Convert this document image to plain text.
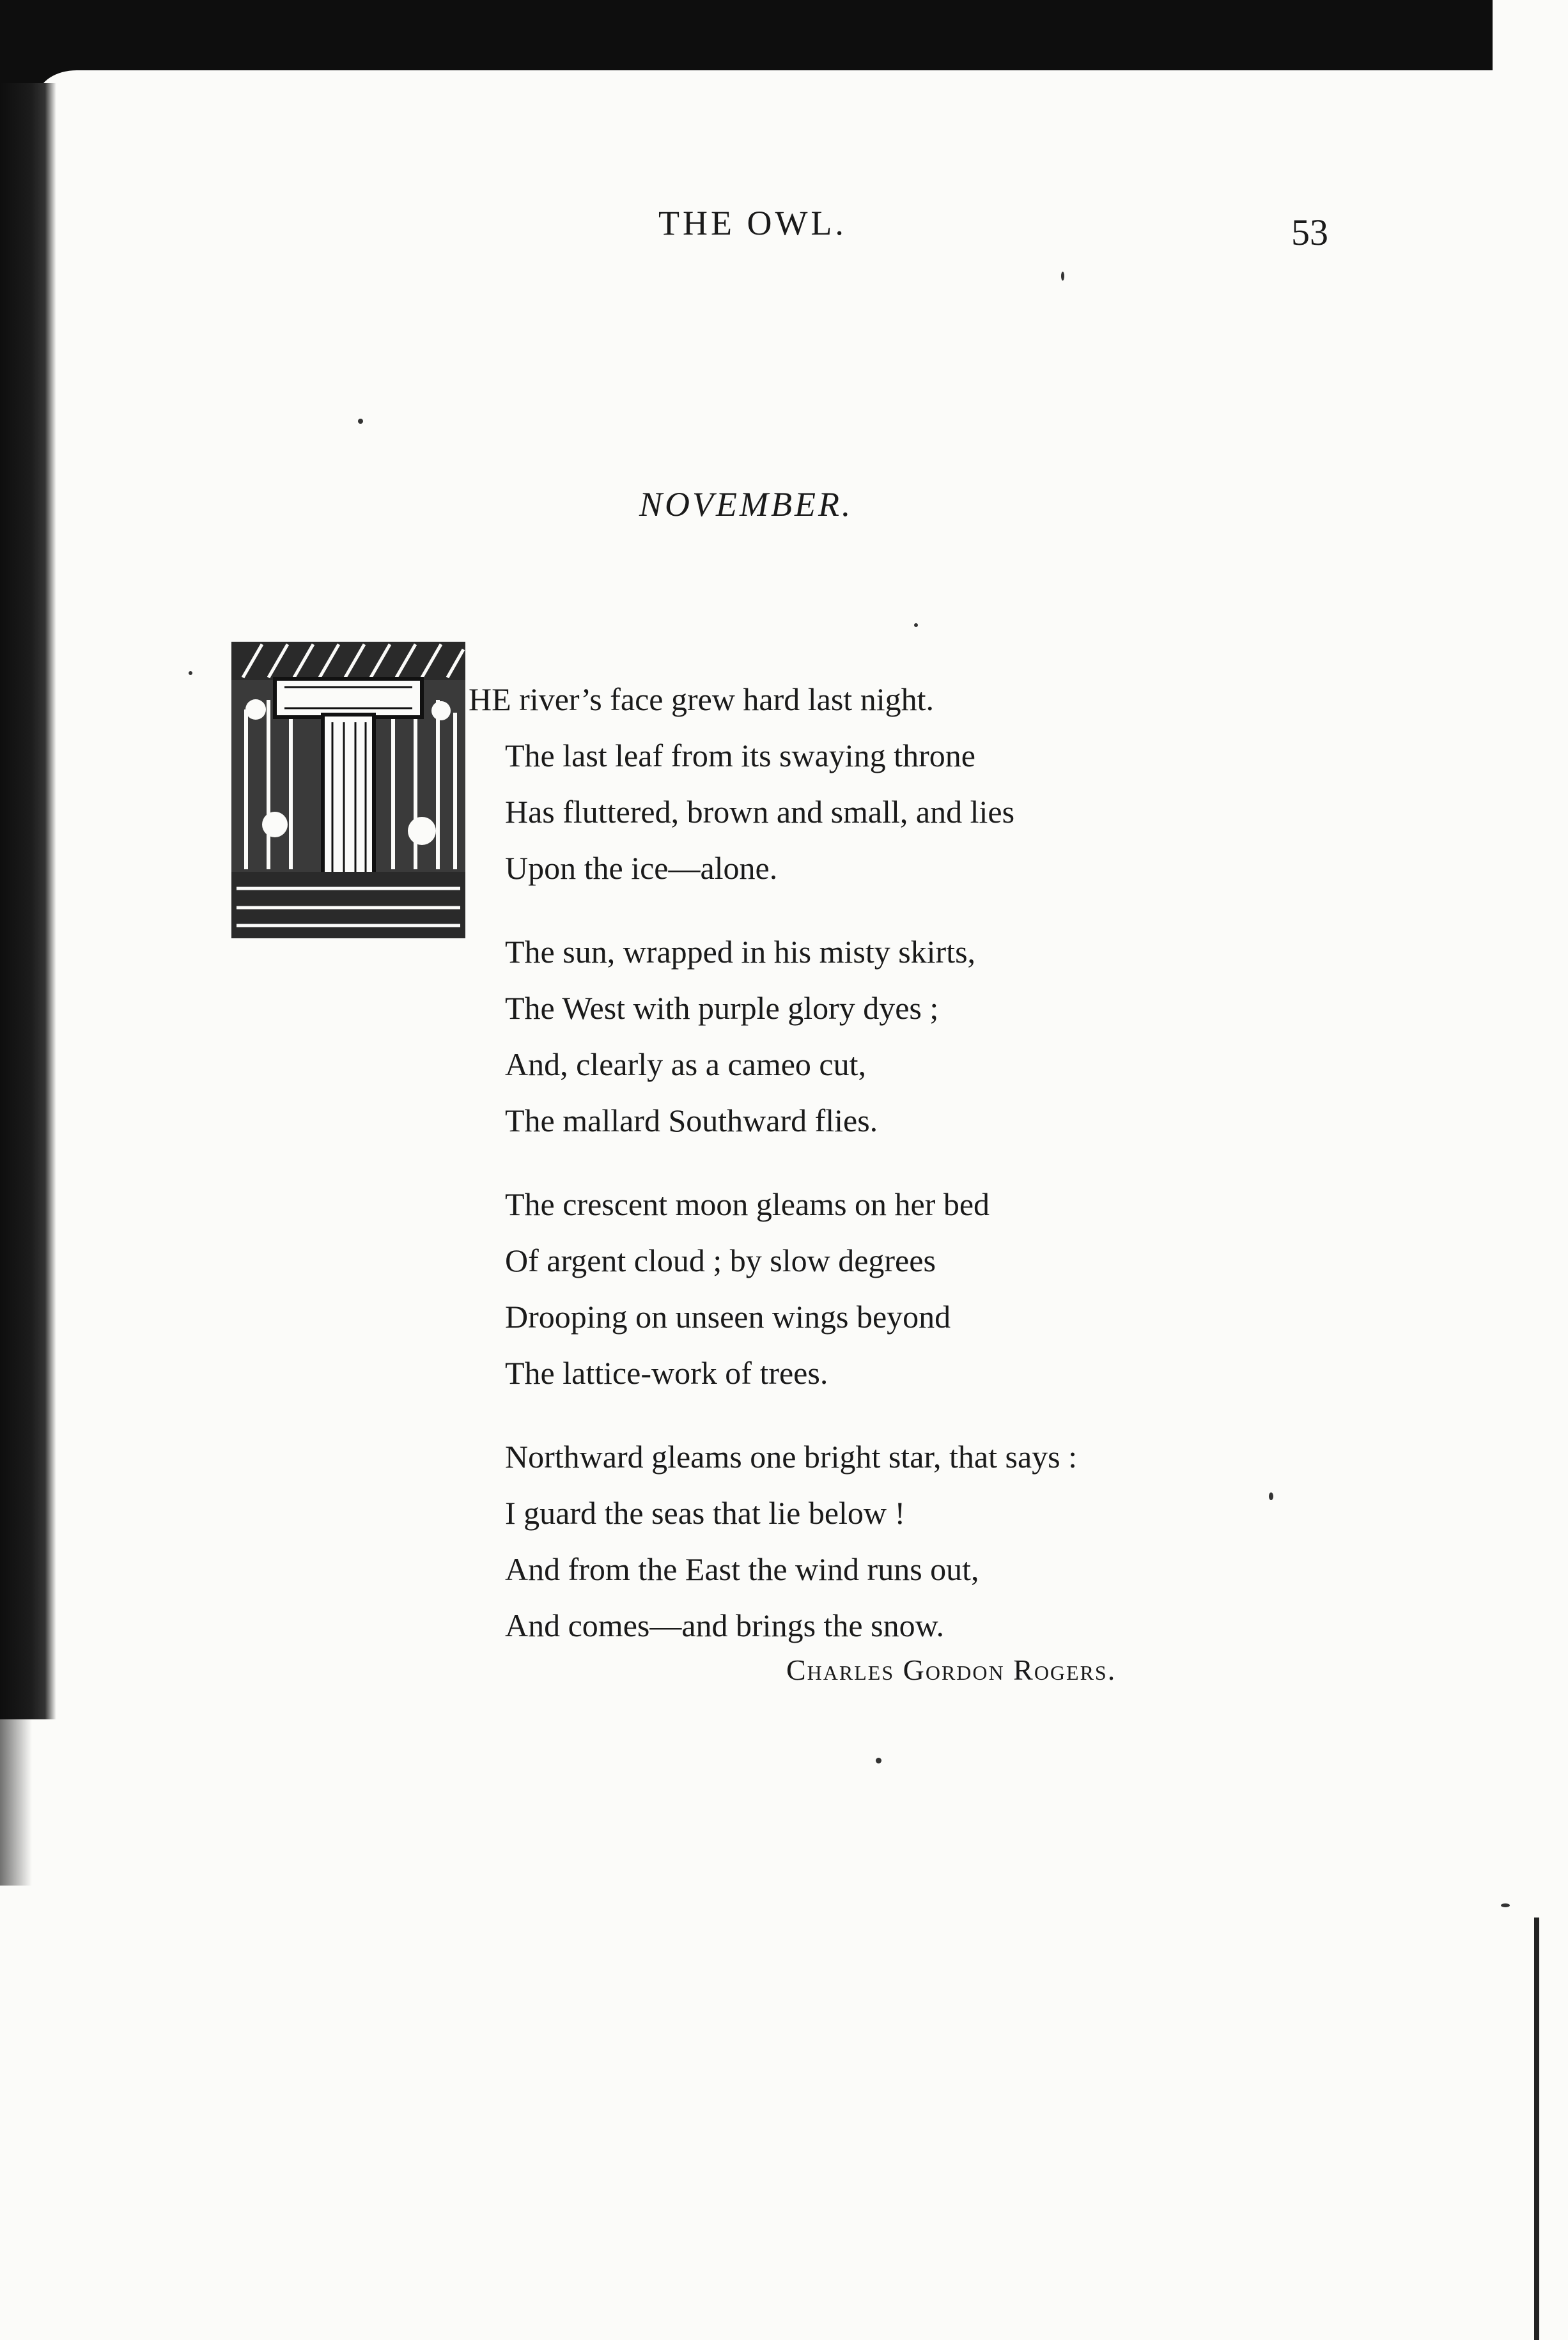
THE OWL.	53
NOVEMBER.
HE river’s face grew hard last night.
The last leaf from its swaying throne
Has fluttered, brown and small, and lies
Upon the ice—alone.
The sun, wrapped in his misty skirts,
The West with purple glory dyes ;
And, clearly as a cameo cut,
The mallard Southward flies.
The crescent moon gleams on her bed
Of argent cloud ; by slow degrees
Drooping on unseen wings beyond
The lattice-work of trees.
Northward gleams one bright star, that says :
I guard the seas that lie below !
And from the East the wind runs out,
And comes—and brings the snow.
Charles Gordon Rogers.
